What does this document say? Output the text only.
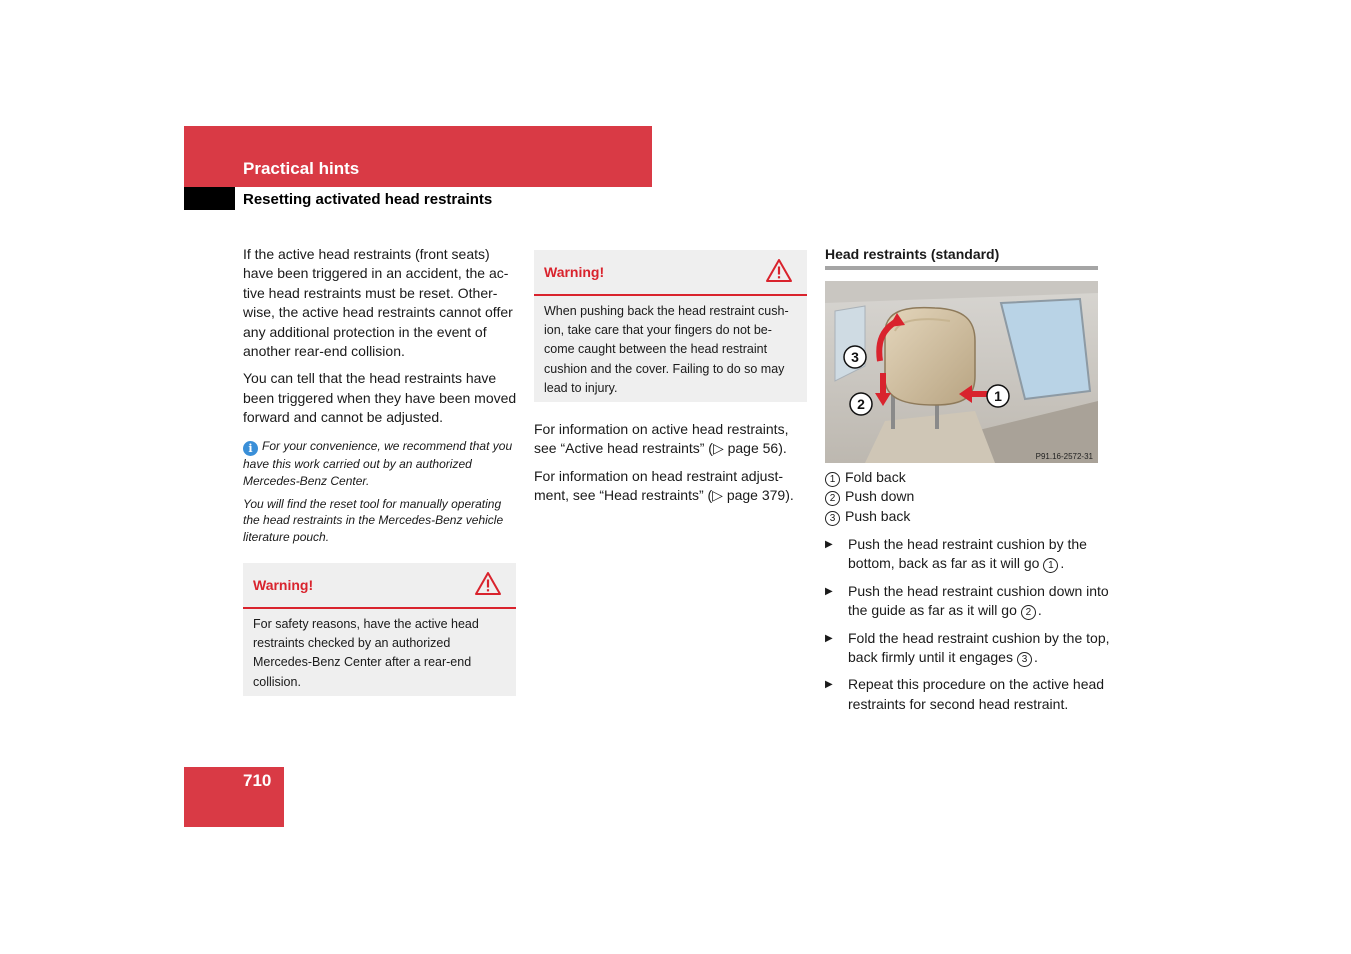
Practical hints
Resetting activated head restraints

If the active head restraints (front seats) have been triggered in an accident, the active head restraints must be reset. Otherwise, the active head restraints cannot offer any additional protection in the event of another rear-end collision.

You can tell that the head restraints have been triggered when they have been moved forward and cannot be adjusted.

i For your convenience, we recommend that you have this work carried out by an authorized Mercedes-Benz Center.

You will find the reset tool for manually operating the head restraints in the Mercedes-Benz vehicle literature pouch.

Warning!
For safety reasons, have the active head restraints checked by an authorized Mercedes-Benz Center after a rear-end collision.
Warning!
When pushing back the head restraint cushion, take care that your fingers do not become caught between the head restraint cushion and the cover. Failing to do so may lead to injury.

For information on active head restraints, see “Active head restraints” (▷ page 56).

For information on head restraint adjustment, see “Head restraints” (▷ page 379).

Head restraints (standard)
3
2	1
P91.16-2572-31
1 Fold back
2 Push down
3 Push back
▶ Push the head restraint cushion by the bottom, back as far as it will go 1 .
▶ Push the head restraint cushion down into the guide as far as it will go 2 .
▶ Fold the head restraint cushion by the top, back firmly until it engages 3 .
▶ Repeat this procedure on the active head restraints for second head restraint.
710
